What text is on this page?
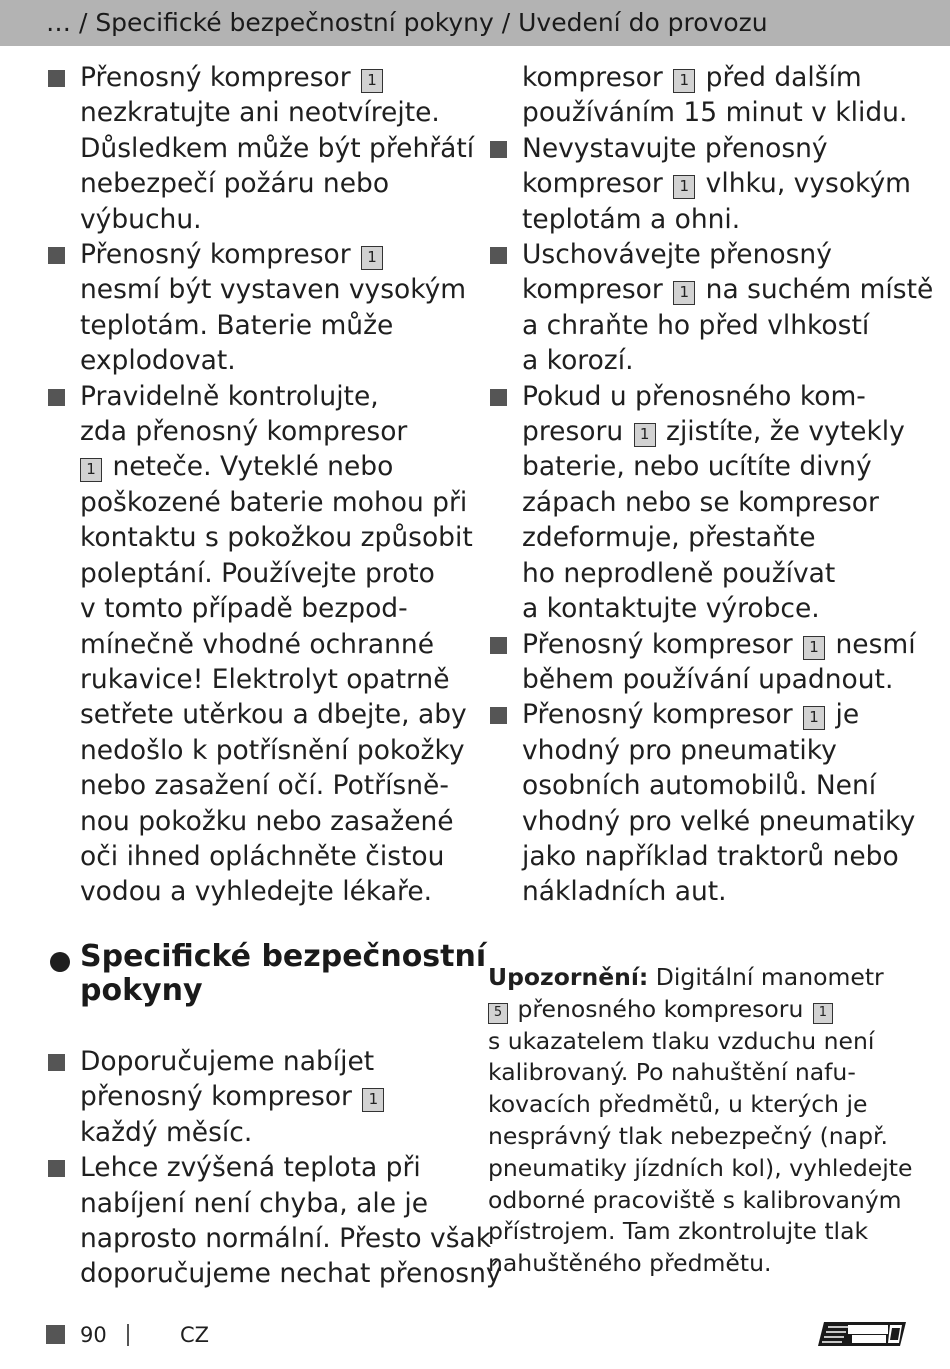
… / Specifické bezpečnostní pokyny / Uvedení do provozu
Přenosný kompresor 1
nezkratujte ani neotvírejte.
Důsledkem může být přehřátí
nebezpečí požáru nebo
výbuchu.
Přenosný kompresor 1
nesmí být vystaven vysokým
teplotám. Baterie může
explodovat.
Pravidelně kontrolujte,
zda přenosný kompresor
1 neteče. Vyteklé nebo
poškozené baterie mohou při
kontaktu s pokožkou způsobit
poleptání. Používejte proto
v tomto případě bezpod-
mínečně vhodné ochranné
rukavice! Elektrolyt opatrně
setřete utěrkou a dbejte, aby
nedošlo k potřísnění pokožky
nebo zasažení očí. Potřísně-
nou pokožku nebo zasažené
oči ihned opláchněte čistou
vodou a vyhledejte lékaře.
Specifické bezpečnostní
pokyny
Doporučujeme nabíjet
přenosný kompresor 1
každý měsíc.
Lehce zvýšená teplota při
nabíjení není chyba, ale je
naprosto normální. Přesto však
doporučujeme nechat přenosný
kompresor 1 před dalším
používáním 15 minut v klidu.
Nevystavujte přenosný
kompresor 1 vlhku, vysokým
teplotám a ohni.
Uschovávejte přenosný
kompresor 1 na suchém místě
a chraňte ho před vlhkostí
a korozí.
Pokud u přenosného kom-
presoru 1 zjistíte, že vytekly
baterie, nebo ucítíte divný
zápach nebo se kompresor
zdeformuje, přestaňte
ho neprodleně používat
a kontaktujte výrobce.
Přenosný kompresor 1 nesmí
během používání upadnout.
Přenosný kompresor 1 je
vhodný pro pneumatiky
osobních automobilů. Není
vhodný pro velké pneumatiky
jako například traktorů nebo
nákladních aut.
Upozornění: Digitální manometr
5 přenosného kompresoru 1
s ukazatelem tlaku vzduchu není
kalibrovaný. Po nahuštění nafu-
kovacích předmětů, u kterých je
nesprávný tlak nebezpečný (např.
pneumatiky jízdních kol), vyhledejte
odborné pracoviště s kalibrovaným
přístrojem. Tam zkontrolujte tlak
nahuštěného předmětu.
90	CZ
